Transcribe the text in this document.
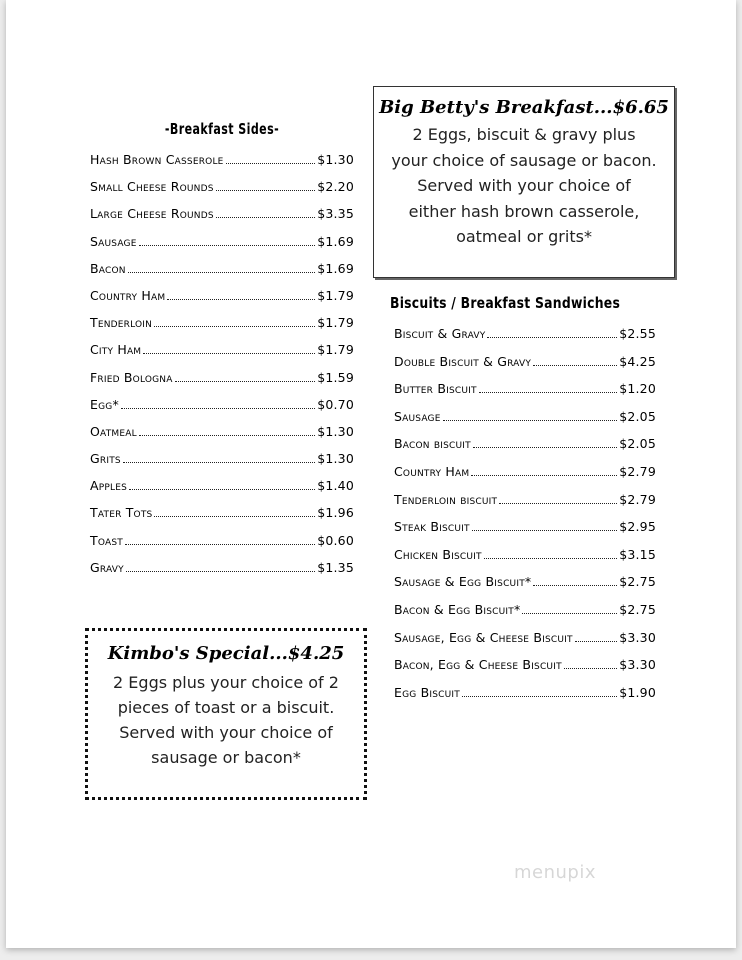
-Breakfast Sides-
Hash Brown Casserole	$1.30
Small Cheese Rounds	$2.20
Large Cheese Rounds	$3.35
Sausage	$1.69
Bacon	$1.69
Country Ham	$1.79
Tenderloin	$1.79
City Ham	$1.79
Fried Bologna	$1.59
Egg*	$0.70
Oatmeal	$1.30
Grits	$1.30
Apples	$1.40
Tater Tots	$1.96
Toast	$0.60
Gravy	$1.35
Big Betty's Breakfast...$6.65
2 Eggs, biscuit & gravy plus
your choice of sausage or bacon.
Served with your choice of
either hash brown casserole,
oatmeal or grits*
Biscuits / Breakfast Sandwiches
Biscuit & Gravy	$2.55
Double Biscuit & Gravy	$4.25
Butter Biscuit	$1.20
Sausage	$2.05
Bacon biscuit	$2.05
Country Ham	$2.79
Tenderloin biscuit	$2.79
Steak Biscuit	$2.95
Chicken Biscuit	$3.15
Sausage & Egg Biscuit*	$2.75
Bacon & Egg Biscuit*	$2.75
Sausage, Egg & Cheese Biscuit	$3.30
Bacon, Egg & Cheese Biscuit	$3.30
Egg Biscuit	$1.90
Kimbo's Special...$4.25
2 Eggs plus your choice of 2
pieces of toast or a biscuit.
Served with your choice of
sausage or bacon*
menupix
